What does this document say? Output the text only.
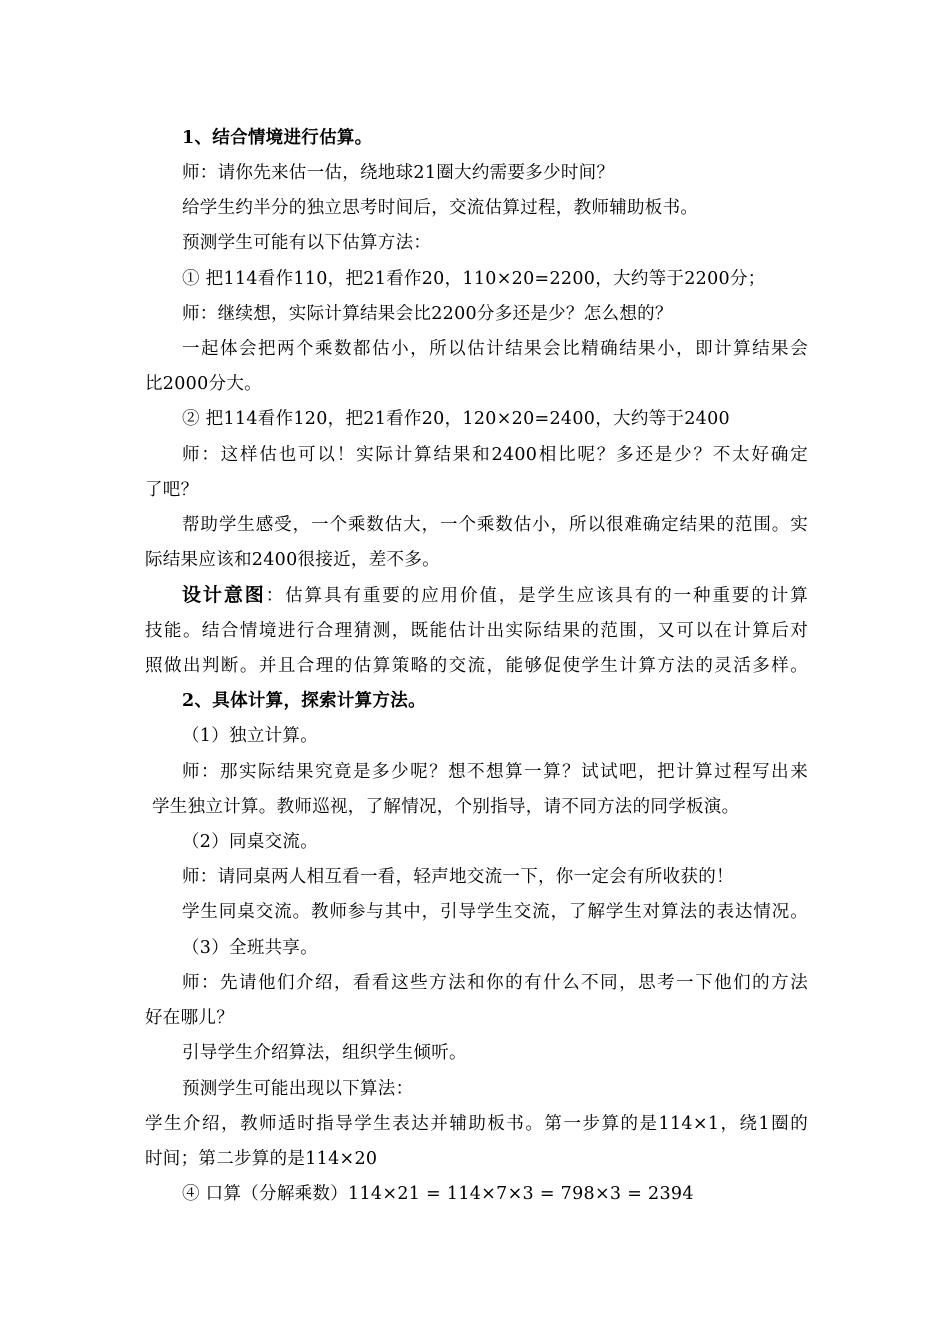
1、结合情境进行估算。
师：请你先来估一估，绕地球21圈大约需要多少时间？
给学生约半分的独立思考时间后，交流估算过程，教师辅助板书。
预测学生可能有以下估算方法：
① 把114看作110，把21看作20，110×20=2200，大约等于2200分；
师：继续想，实际计算结果会比2200分多还是少？怎么想的？
一起体会把两个乘数都估小，所以估计结果会比精确结果小，即计算结果会
比2000分大。
② 把114看作120，把21看作20，120×20=2400，大约等于2400
师：这样估也可以！实际计算结果和2400相比呢？多还是少？不太好确定
了吧？
帮助学生感受，一个乘数估大，一个乘数估小，所以很难确定结果的范围。实
际结果应该和2400很接近，差不多。
设计意图：估算具有重要的应用价值，是学生应该具有的一种重要的计算
技能。结合情境进行合理猜测，既能估计出实际结果的范围，又可以在计算后对
照做出判断。并且合理的估算策略的交流，能够促使学生计算方法的灵活多样。
2、具体计算，探索计算方法。
（1）独立计算。
师：那实际结果究竟是多少呢？想不想算一算？试试吧，把计算过程写出来
学生独立计算。教师巡视，了解情况，个别指导，请不同方法的同学板演。
（2）同桌交流。
师：请同桌两人相互看一看，轻声地交流一下，你一定会有所收获的！
学生同桌交流。教师参与其中，引导学生交流，了解学生对算法的表达情况。
（3）全班共享。
师：先请他们介绍，看看这些方法和你的有什么不同，思考一下他们的方法
好在哪儿？
引导学生介绍算法，组织学生倾听。
预测学生可能出现以下算法：
学生介绍，教师适时指导学生表达并辅助板书。第一步算的是114×1，绕1圈的
时间；第二步算的是114×20
④ 口算（分解乘数）114×21 = 114×7×3 = 798×3 = 2394
